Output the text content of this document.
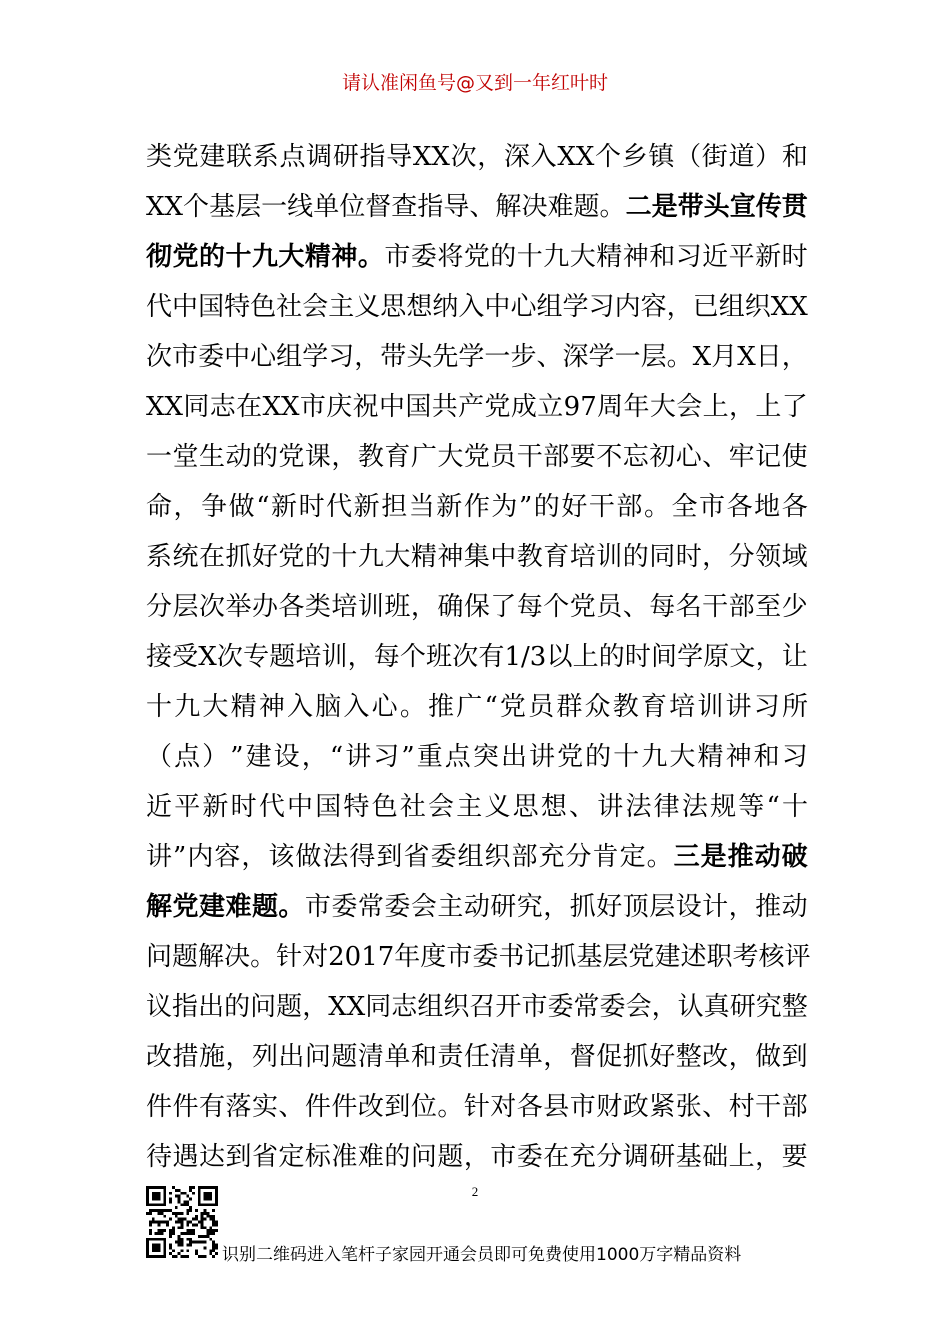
请认准闲鱼号@又到一年红叶时
类 党 建 联 系 点 调 研 指 导 XX 次 ， 深 入 XX 个 乡 镇 （ 街 道 ） 和
XX 个 基 层 一 线 单 位 督 查 指 导 、 解 决 难 题 。 二 是 带 头 宣 传 贯
彻 党 的 十 九 大 精 神 。 市 委 将 党 的 十 九 大 精 神 和 习 近 平 新 时
代 中 国 特 色 社 会 主 义 思 想 纳 入 中 心 组 学 习 内 容 ， 已 组 织 XX
次 市 委 中 心 组 学 习 ， 带 头 先 学 一 步 、 深 学 一 层 。 X 月 X 日 ，
XX 同 志 在 XX 市 庆 祝 中 国 共 产 党 成 立 97 周 年 大 会 上 ， 上 了
一 堂 生 动 的 党 课 ， 教 育 广 大 党 员 干 部 要 不 忘 初 心 、 牢 记 使
命 ， 争 做 “ 新 时 代 新 担 当 新 作 为 ” 的 好 干 部 。 全 市 各 地 各
系 统 在 抓 好 党 的 十 九 大 精 神 集 中 教 育 培 训 的 同 时 ， 分 领 域
分 层 次 举 办 各 类 培 训 班 ， 确 保 了 每 个 党 员 、 每 名 干 部 至 少
接 受 X 次 专 题 培 训 ， 每 个 班 次 有 1/3 以 上 的 时 间 学 原 文 ， 让
十 九 大 精 神 入 脑 入 心 。 推 广 “ 党 员 群 众 教 育 培 训 讲 习 所
（ 点 ） ” 建 设 ， “ 讲 习 ” 重 点 突 出 讲 党 的 十 九 大 精 神 和 习
近 平 新 时 代 中 国 特 色 社 会 主 义 思 想 、 讲 法 律 法 规 等 “ 十
讲 ” 内 容 ， 该 做 法 得 到 省 委 组 织 部 充 分 肯 定 。 三 是 推 动 破
解 党 建 难 题 。 市 委 常 委 会 主 动 研 究 ， 抓 好 顶 层 设 计 ， 推 动
问 题 解 决 。 针 对 2017 年 度 市 委 书 记 抓 基 层 党 建 述 职 考 核 评
议 指 出 的 问 题 ， XX 同 志 组 织 召 开 市 委 常 委 会 ， 认 真 研 究 整
改 措 施 ， 列 出 问 题 清 单 和 责 任 清 单 ， 督 促 抓 好 整 改 ， 做 到
件 件 有 落 实 、 件 件 改 到 位 。 针 对 各 县 市 财 政 紧 张 、 村 干 部
待 遇 达 到 省 定 标 准 难 的 问 题 ， 市 委 在 充 分 调 研 基 础 上 ， 要
2
识别二维码进入笔杆子家园开通会员即可免费使用1000万字精品资料
